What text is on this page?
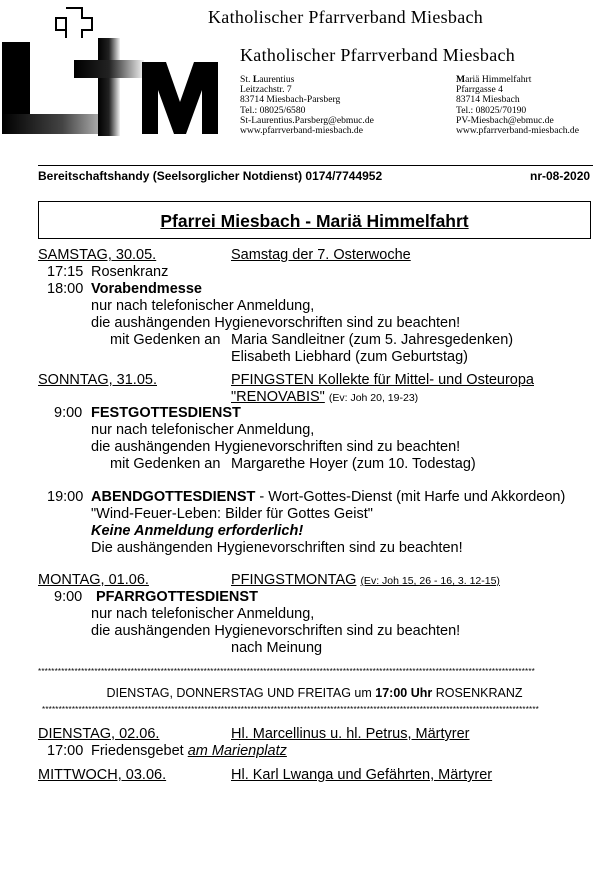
Katholischer Pfarrverband Miesbach
Katholischer Pfarrverband Miesbach
St. Laurentius
Leitzachstr. 7
83714 Miesbach-Parsberg
Tel.: 08025/6580
St-Laurentius.Parsberg@ebmuc.de
www.pfarrverband-miesbach.de
Mariä Himmelfahrt
Pfarrgasse 4
83714 Miesbach
Tel.: 08025/70190
PV-Miesbach@ebmuc.de
www.pfarrverband-miesbach.de
Bereitschaftshandy (Seelsorglicher Notdienst) 0174/7744952	nr-08-2020
Pfarrei Miesbach - Mariä Himmelfahrt
SAMSTAG, 30.05.	Samstag der 7. Osterwoche
17:15 Rosenkranz
18:00 Vorabendmesse
nur nach telefonischer Anmeldung,
die aushängenden Hygienevorschriften sind zu beachten!
mit Gedenken an Maria Sandleitner (zum 5. Jahresgedenken)
Elisabeth Liebhard (zum Geburtstag)
SONNTAG, 31.05.	PFINGSTEN Kollekte für Mittel- und Osteuropa
"RENOVABIS" (Ev: Joh 20, 19-23)
9:00 FESTGOTTESDIENST
nur nach telefonischer Anmeldung,
die aushängenden Hygienevorschriften sind zu beachten!
mit Gedenken an Margarethe Hoyer (zum 10. Todestag)
19:00 ABENDGOTTESDIENST - Wort-Gottes-Dienst (mit Harfe und Akkordeon)
"Wind-Feuer-Leben: Bilder für Gottes Geist"
Keine Anmeldung erforderlich!
Die aushängenden Hygienevorschriften sind zu beachten!
MONTAG, 01.06.	PFINGSTMONTAG (Ev: Joh 15, 26 - 16, 3. 12-15)
9:00 PFARRGOTTESDIENST
nur nach telefonischer Anmeldung,
die aushängenden Hygienevorschriften sind zu beachten!
nach Meinung
******************************************************************************************************************************************************
DIENSTAG, DONNERSTAG UND FREITAG um 17:00 Uhr ROSENKRANZ
******************************************************************************************************************************************************
DIENSTAG, 02.06.	Hl. Marcellinus u. hl. Petrus, Märtyrer
17:00 Friedensgebet am Marienplatz
MITTWOCH, 03.06.	Hl. Karl Lwanga und Gefährten, Märtyrer
